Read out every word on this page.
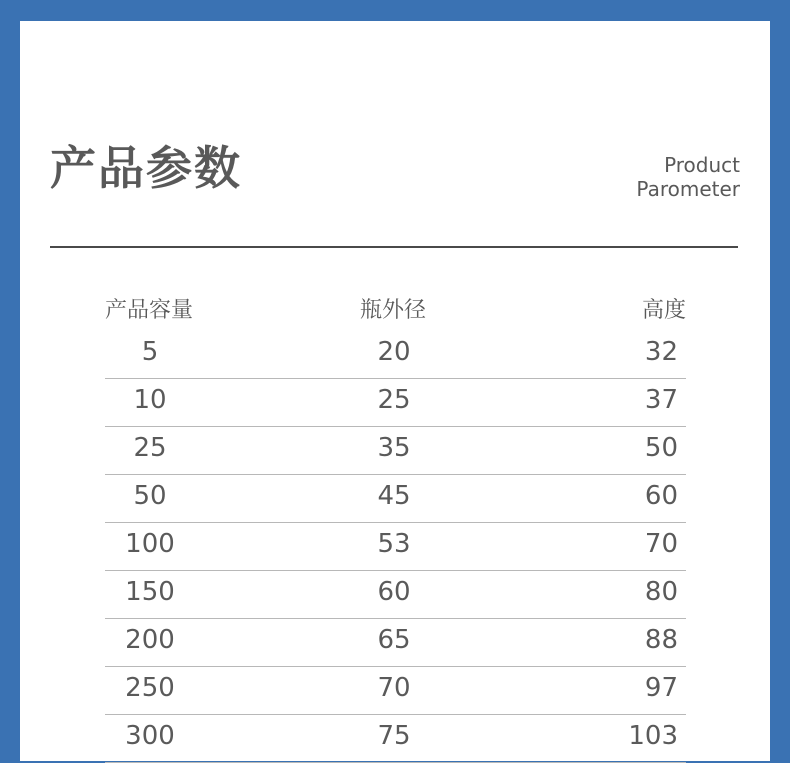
产品参数	Product
Parometer
产品容量	瓶外径	高度
5	20	32
10	25	37
25	35	50
50	45	60
100	53	70
150	60	80
200	65	88
250	70	97
300	75	103
